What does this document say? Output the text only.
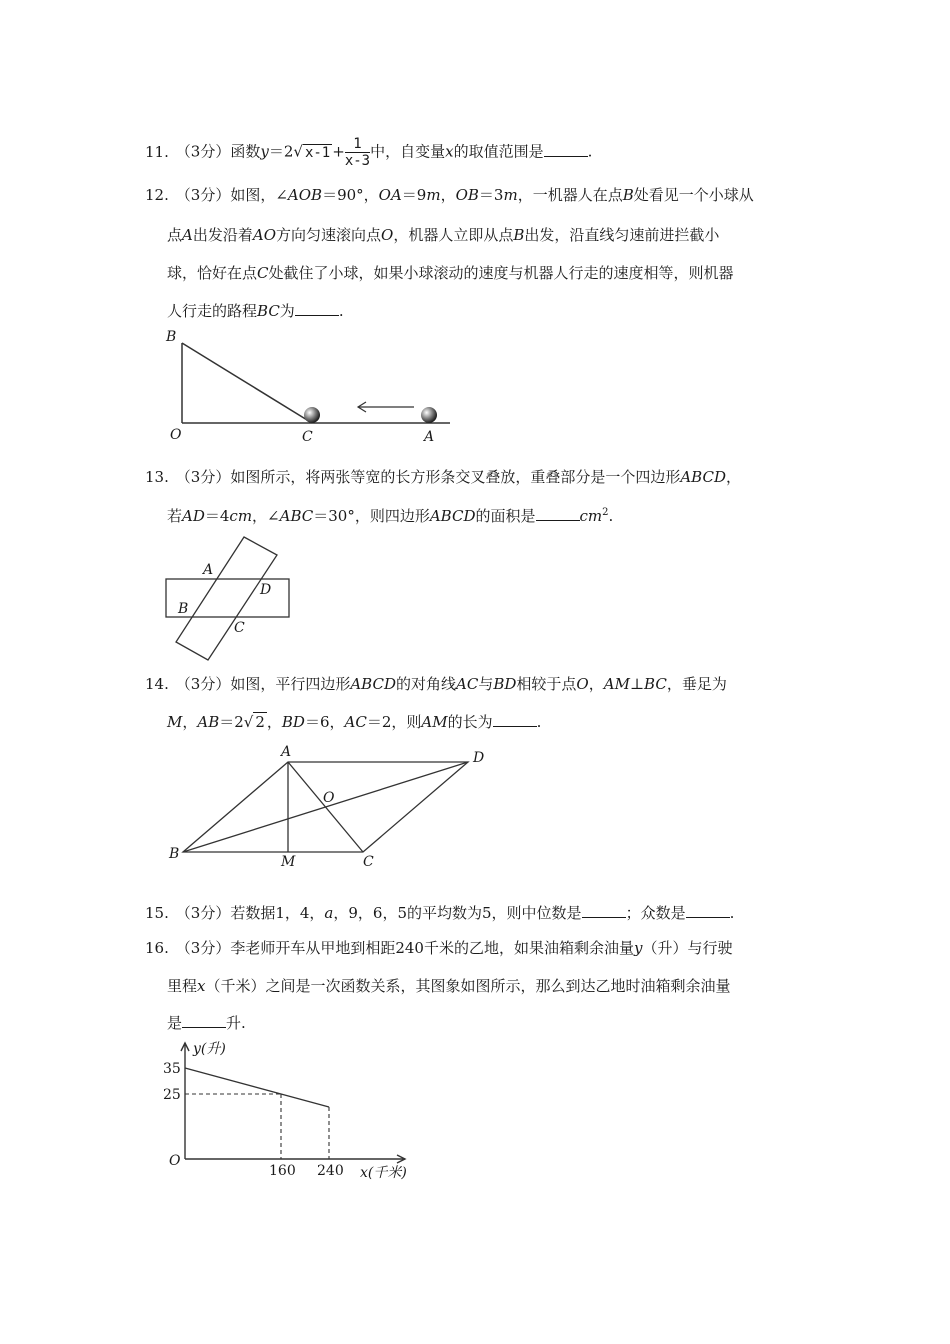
11. （3分）函数y＝2√ $x-1 + \frac{1}{x-3}$ 中，自变量x的取值范围是	.
12. （3分）如图，∠AOB＝90°，OA＝9m，OB＝3m，一机器人在点B处看见一个小球从
点A出发沿着AO方向匀速滚向点O，机器人立即从点B出发，沿直线匀速前进拦截小
球，恰好在点C处截住了小球，如果小球滚动的速度与机器人行走的速度相等，则机器
人行走的路程BC为	.
B
O	C	A
13. （3分）如图所示，将两张等宽的长方形条交叉叠放，重叠部分是一个四边形ABCD，
若AD＝4cm，∠ABC＝30°，则四边形ABCD的面积是	$cm^2$.
A
D
B
C
14. （3分）如图，平行四边形ABCD的对角线AC与BD相较于点O，AM⊥BC，垂足为
M，AB＝2√ 2 ，BD＝6，AC＝2，则AM的长为	.
A	D
O
B	M	C
15. （3分）若数据1，4，a，9，6，5的平均数为5，则中位数是	；众数是	.
16. （3分）李老师开车从甲地到相距240千米的乙地，如果油箱剩余油量y（升）与行驶
里程x（千米）之间是一次函数关系，其图象如图所示，那么到达乙地时油箱剩余油量
是	升.
160 240
35
25
y(升)
x(千米)
O
